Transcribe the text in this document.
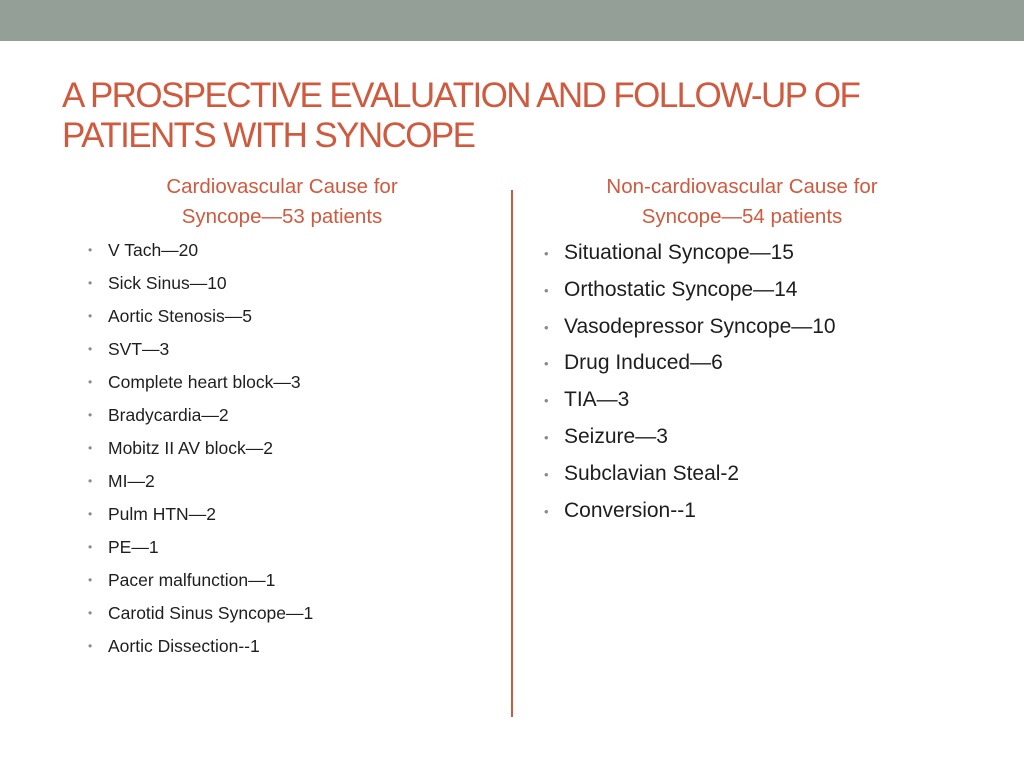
A PROSPECTIVE EVALUATION AND FOLLOW-UP OF PATIENTS WITH SYNCOPE
Cardiovascular Cause for
Syncope—53 patients
Non-cardiovascular Cause for
Syncope—54 patients
• V Tach—20
• Sick Sinus—10
• Aortic Stenosis—5
• SVT—3
• Complete heart block—3
• Bradycardia—2
• Mobitz II AV block—2
• MI—2
• Pulm HTN—2
• PE—1
• Pacer malfunction—1
• Carotid Sinus Syncope—1
• Aortic Dissection--1
• Situational Syncope—15
• Orthostatic Syncope—14
• Vasodepressor Syncope—10
• Drug Induced—6
• TIA—3
• Seizure—3
• Subclavian Steal-2
• Conversion--1
